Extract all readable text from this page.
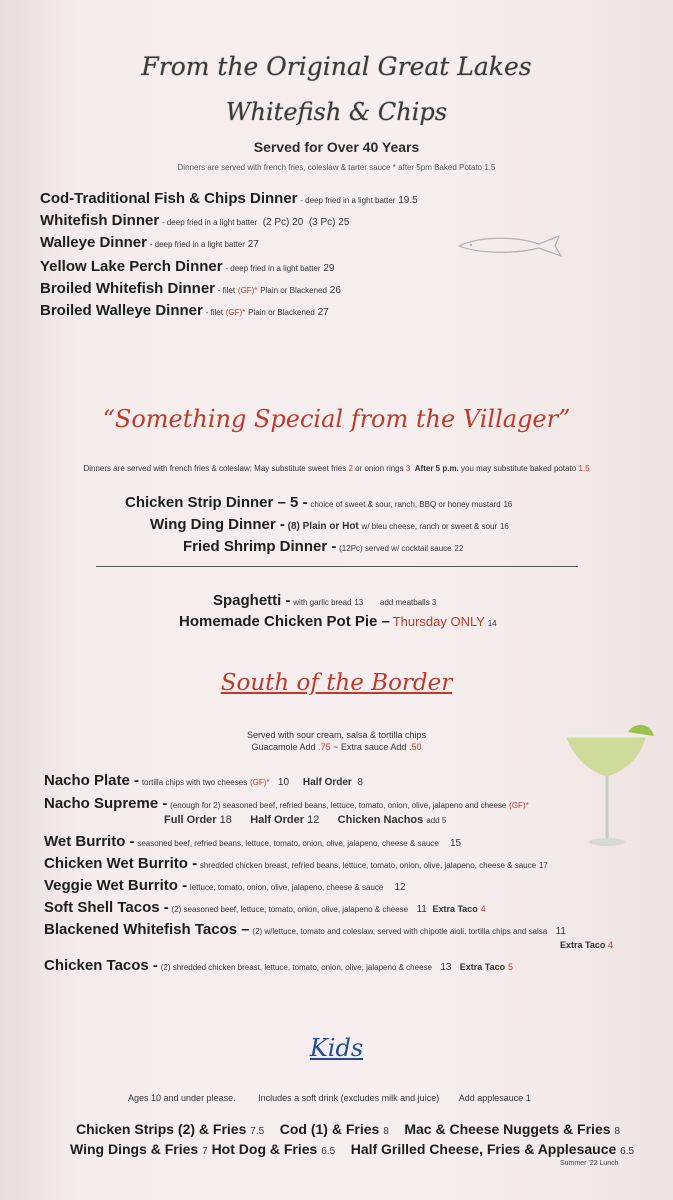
From the Original Great Lakes
Whitefish & Chips
Served for Over 40 Years
Dinners are served with french fries, coleslaw & tarter sauce * after 5pm Baked Potato 1.5
Cod-Traditional Fish & Chips Dinner - deep fried in a light batter 19.5
Whitefish Dinner - deep fried in a light batter (2 Pc) 20 (3 Pc) 25
Walleye Dinner - deep fried in a light batter 27
Yellow Lake Perch Dinner - deep fried in a light batter 29
Broiled Whitefish Dinner - filet (GF)* Plain or Blackened 26
Broiled Walleye Dinner - filet (GF)* Plain or Blackened 27
“Something Special from the Villager”
Dinners are served with french fries & coleslaw; May substitute sweet fries 2 or onion rings 3 After 5 p.m. you may substitute baked potato 1.5
Chicken Strip Dinner – 5 - choice of sweet & sour, ranch, BBQ or honey mustard 16
Wing Ding Dinner - (8) Plain or Hot w/ bleu cheese, ranch or sweet & sour 16
Fried Shrimp Dinner - (12Pc) served w/ cocktail sauce 22
Spaghetti - with garlic bread 13 add meatballs 3
Homemade Chicken Pot Pie – Thursday ONLY 14
South of the Border
Served with sour cream, salsa & tortilla chips
Guacamole Add .75 ~ Extra sauce Add .50
Nacho Plate - tortilla chips with two cheeses (GF)* 10 Half Order 8
Nacho Supreme - (enough for 2) seasoned beef, refried beans, lettuce, tomato, onion, olive, jalapeno and cheese (GF)*
Full Order 18 Half Order 12 Chicken Nachos add 5
Wet Burrito - seasoned beef, refried beans, lettuce, tomato, onion, olive, jalapeno, cheese & sauce 15
Chicken Wet Burrito - shredded chicken breast, refried beans, lettuce, tomato, onion, olive, jalapeno, cheese & sauce 17
Veggie Wet Burrito - lettuce, tomato, onion, olive, jalapeno, cheese & sauce 12
Soft Shell Tacos - (2) seasoned beef, lettuce, tomato, onion, olive, jalapeno & cheese 11 Extra Taco 4
Blackened Whitefish Tacos – (2) w/lettuce, tomato and coleslaw, served with chipotle aioli, tortilla chips and salsa 11
Extra Taco 4
Chicken Tacos - (2) shredded chicken breast, lettuce, tomato, onion, olive, jalapeno & cheese 13 Extra Taco 5
Kids
Ages 10 and under please.	Includes a soft drink (excludes milk and juice) Add applesauce 1
Chicken Strips (2) & Fries 7.5 Cod (1) & Fries 8 Mac & Cheese Nuggets & Fries 8
Wing Dings & Fries 7 Hot Dog & Fries 6.5 Half Grilled Cheese, Fries & Applesauce 6.5
Summer '22 Lunch
